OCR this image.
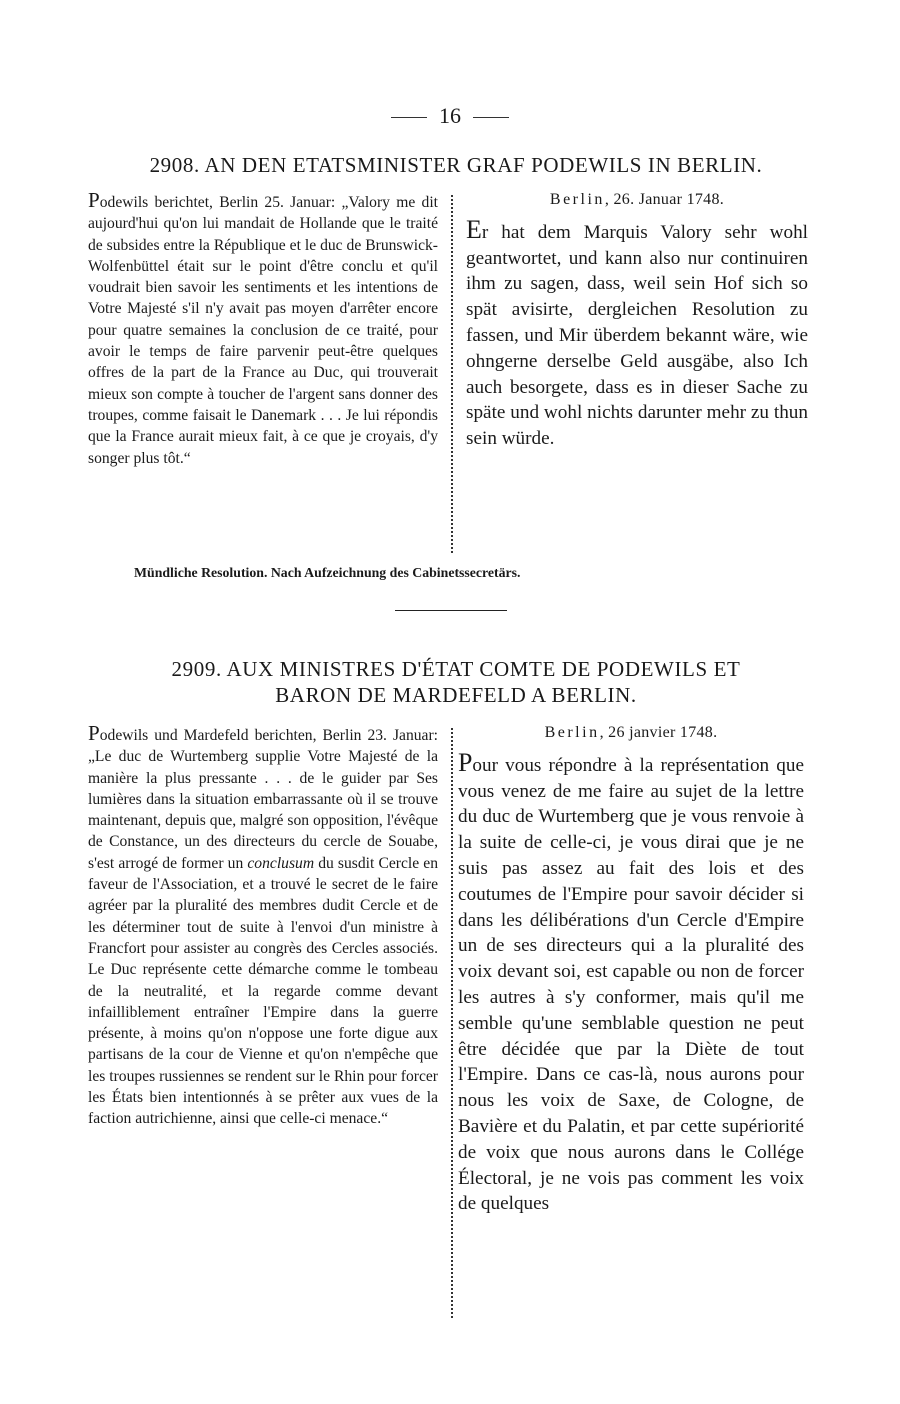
16
2908. AN DEN ETATSMINISTER GRAF PODEWILS IN BERLIN.

Podewils berichtet, Berlin 25. Januar: „Valory me dit aujourd'hui qu'on lui mandait de Hollande que le traité de subsides entre la République et le duc de Brunswick-Wolfenbüttel était sur le point d'être conclu et qu'il voudrait bien savoir les sentiments et les intentions de Votre Majesté s'il n'y avait pas moyen d'arrêter encore pour quatre semaines la conclusion de ce traité, pour avoir le temps de faire parvenir peut-être quelques offres de la part de la France au Duc, qui trouverait mieux son compte à toucher de l'argent sans donner des troupes, comme faisait le Danemark . . . Je lui répondis que la France aurait mieux fait, à ce que je croyais, d'y songer plus tôt.“

Berlin, 26. Januar 1748.

Er hat dem Marquis Valory sehr wohl geantwortet, und kann also nur continuiren ihm zu sagen, dass, weil sein Hof sich so spät avisirte, dergleichen Resolution zu fassen, und Mir überdem bekannt wäre, wie ohngerne derselbe Geld ausgäbe, also Ich auch besorgete, dass es in dieser Sache zu späte und wohl nichts darunter mehr zu thun sein würde.

Mündliche Resolution. Nach Aufzeichnung des Cabinetssecretärs.
2909. AUX MINISTRES D'ÉTAT COMTE DE PODEWILS ET
BARON DE MARDEFELD A BERLIN.

Podewils und Mardefeld berichten, Berlin 23. Januar: „Le duc de Wurtemberg supplie Votre Majesté de la manière la plus pressante . . . de le guider par Ses lumières dans la situation embarrassante où il se trouve maintenant, depuis que, malgré son opposition, l'évêque de Constance, un des directeurs du cercle de Souabe, s'est arrogé de former un conclusum du susdit Cercle en faveur de l'Association, et a trouvé le secret de le faire agréer par la pluralité des membres dudit Cercle et de les déterminer tout de suite à l'envoi d'un ministre à Francfort pour assister au congrès des Cercles associés. Le Duc représente cette démarche comme le tombeau de la neutralité, et la regarde comme devant infailliblement entraîner l'Empire dans la guerre présente, à moins qu'on n'oppose une forte digue aux partisans de la cour de Vienne et qu'on n'empêche que les troupes russiennes se rendent sur le Rhin pour forcer les États bien intentionnés à se prêter aux vues de la faction autrichienne, ainsi que celle-ci menace.“

Berlin, 26 janvier 1748.

Pour vous répondre à la représentation que vous venez de me faire au sujet de la lettre du duc de Wurtemberg que je vous renvoie à la suite de celle-ci, je vous dirai que je ne suis pas assez au fait des lois et des coutumes de l'Empire pour savoir décider si dans les délibérations d'un Cercle d'Empire un de ses directeurs qui a la pluralité des voix devant soi, est capable ou non de forcer les autres à s'y conformer, mais qu'il me semble qu'une semblable question ne peut être décidée que par la Diète de tout l'Empire. Dans ce cas-là, nous aurons pour nous les voix de Saxe, de Cologne, de Bavière et du Palatin, et par cette supériorité de voix que nous aurons dans le Collége Électoral, je ne vois pas comment les voix de quelques
